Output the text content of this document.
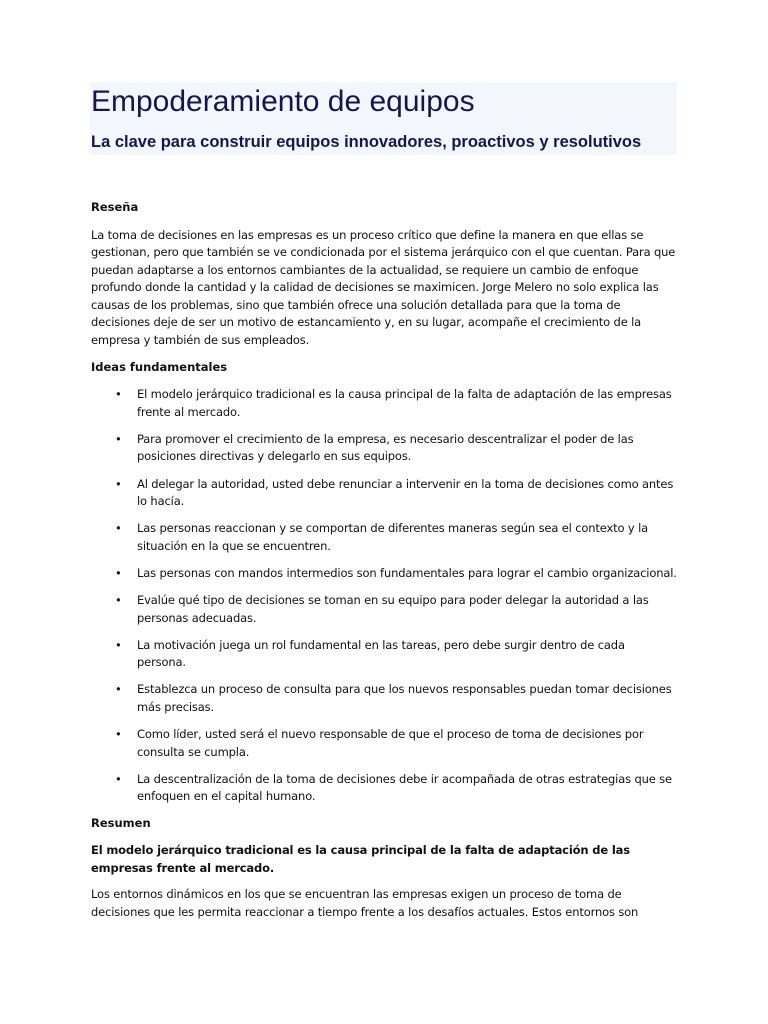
Empoderamiento de equipos
La clave para construir equipos innovadores, proactivos y resolutivos
Reseña

La toma de decisiones en las empresas es un proceso crítico que define la manera en que ellas se gestionan, pero que también se ve condicionada por el sistema jerárquico con el que cuentan. Para que puedan adaptarse a los entornos cambiantes de la actualidad, se requiere un cambio de enfoque profundo donde la cantidad y la calidad de decisiones se maximicen. Jorge Melero no solo explica las causas de los problemas, sino que también ofrece una solución detallada para que la toma de decisiones deje de ser un motivo de estancamiento y, en su lugar, acompañe el crecimiento de la empresa y también de sus empleados.

Ideas fundamentales
• El modelo jerárquico tradicional es la causa principal de la falta de adaptación de las empresas frente al mercado.
• Para promover el crecimiento de la empresa, es necesario descentralizar el poder de las posiciones directivas y delegarlo en sus equipos.
• Al delegar la autoridad, usted debe renunciar a intervenir en la toma de decisiones como antes lo hacía.
• Las personas reaccionan y se comportan de diferentes maneras según sea el contexto y la situación en la que se encuentren.
• Las personas con mandos intermedios son fundamentales para lograr el cambio organizacional.
• Evalúe qué tipo de decisiones se toman en su equipo para poder delegar la autoridad a las personas adecuadas.
• La motivación juega un rol fundamental en las tareas, pero debe surgir dentro de cada persona.
• Establezca un proceso de consulta para que los nuevos responsables puedan tomar decisiones más precisas.
• Como líder, usted será el nuevo responsable de que el proceso de toma de decisiones por consulta se cumpla.
• La descentralización de la toma de decisiones debe ir acompañada de otras estrategias que se enfoquen en el capital humano.
Resumen

El modelo jerárquico tradicional es la causa principal de la falta de adaptación de las empresas frente al mercado.

Los entornos dinámicos en los que se encuentran las empresas exigen un proceso de toma de decisiones que les permita reaccionar a tiempo frente a los desafíos actuales. Estos entornos son
